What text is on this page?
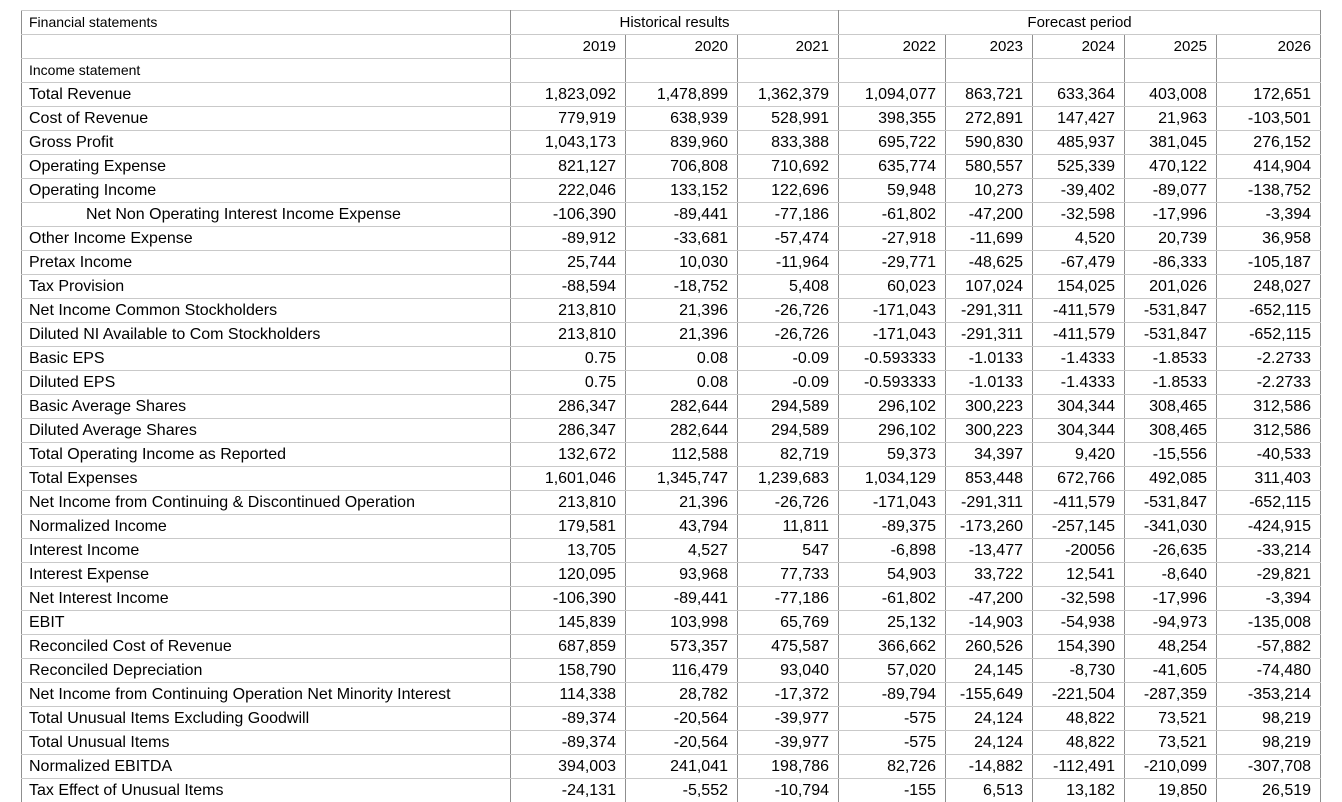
Financial statements	Historical results			Forecast period				
	2019	2020	2021	2022	2023	2024	2025	2026
Income statement								
Total Revenue	1,823,092	1,478,899	1,362,379	1,094,077	863,721	633,364	403,008	172,651
Cost of Revenue	779,919	638,939	528,991	398,355	272,891	147,427	21,963	-103,501
Gross Profit	1,043,173	839,960	833,388	695,722	590,830	485,937	381,045	276,152
Operating Expense	821,127	706,808	710,692	635,774	580,557	525,339	470,122	414,904
Operating Income	222,046	133,152	122,696	59,948	10,273	-39,402	-89,077	-138,752
Net Non Operating Interest Income Expense	-106,390	-89,441	-77,186	-61,802	-47,200	-32,598	-17,996	-3,394
Other Income Expense	-89,912	-33,681	-57,474	-27,918	-11,699	4,520	20,739	36,958
Pretax Income	25,744	10,030	-11,964	-29,771	-48,625	-67,479	-86,333	-105,187
Tax Provision	-88,594	-18,752	5,408	60,023	107,024	154,025	201,026	248,027
Net Income Common Stockholders	213,810	21,396	-26,726	-171,043	-291,311	-411,579	-531,847	-652,115
Diluted NI Available to Com Stockholders	213,810	21,396	-26,726	-171,043	-291,311	-411,579	-531,847	-652,115
Basic EPS	0.75	0.08	-0.09	-0.593333	-1.0133	-1.4333	-1.8533	-2.2733
Diluted EPS	0.75	0.08	-0.09	-0.593333	-1.0133	-1.4333	-1.8533	-2.2733
Basic Average Shares	286,347	282,644	294,589	296,102	300,223	304,344	308,465	312,586
Diluted Average Shares	286,347	282,644	294,589	296,102	300,223	304,344	308,465	312,586
Total Operating Income as Reported	132,672	112,588	82,719	59,373	34,397	9,420	-15,556	-40,533
Total Expenses	1,601,046	1,345,747	1,239,683	1,034,129	853,448	672,766	492,085	311,403
Net Income from Continuing & Discontinued Operation	213,810	21,396	-26,726	-171,043	-291,311	-411,579	-531,847	-652,115
Normalized Income	179,581	43,794	11,811	-89,375	-173,260	-257,145	-341,030	-424,915
Interest Income	13,705	4,527	547	-6,898	-13,477	-20056	-26,635	-33,214
Interest Expense	120,095	93,968	77,733	54,903	33,722	12,541	-8,640	-29,821
Net Interest Income	-106,390	-89,441	-77,186	-61,802	-47,200	-32,598	-17,996	-3,394
EBIT	145,839	103,998	65,769	25,132	-14,903	-54,938	-94,973	-135,008
Reconciled Cost of Revenue	687,859	573,357	475,587	366,662	260,526	154,390	48,254	-57,882
Reconciled Depreciation	158,790	116,479	93,040	57,020	24,145	-8,730	-41,605	-74,480
Net Income from Continuing Operation Net Minority Interest	114,338	28,782	-17,372	-89,794	-155,649	-221,504	-287,359	-353,214
Total Unusual Items Excluding Goodwill	-89,374	-20,564	-39,977	-575	24,124	48,822	73,521	98,219
Total Unusual Items	-89,374	-20,564	-39,977	-575	24,124	48,822	73,521	98,219
Normalized EBITDA	394,003	241,041	198,786	82,726	-14,882	-112,491	-210,099	-307,708
Tax Effect of Unusual Items	-24,131	-5,552	-10,794	-155	6,513	13,182	19,850	26,519
